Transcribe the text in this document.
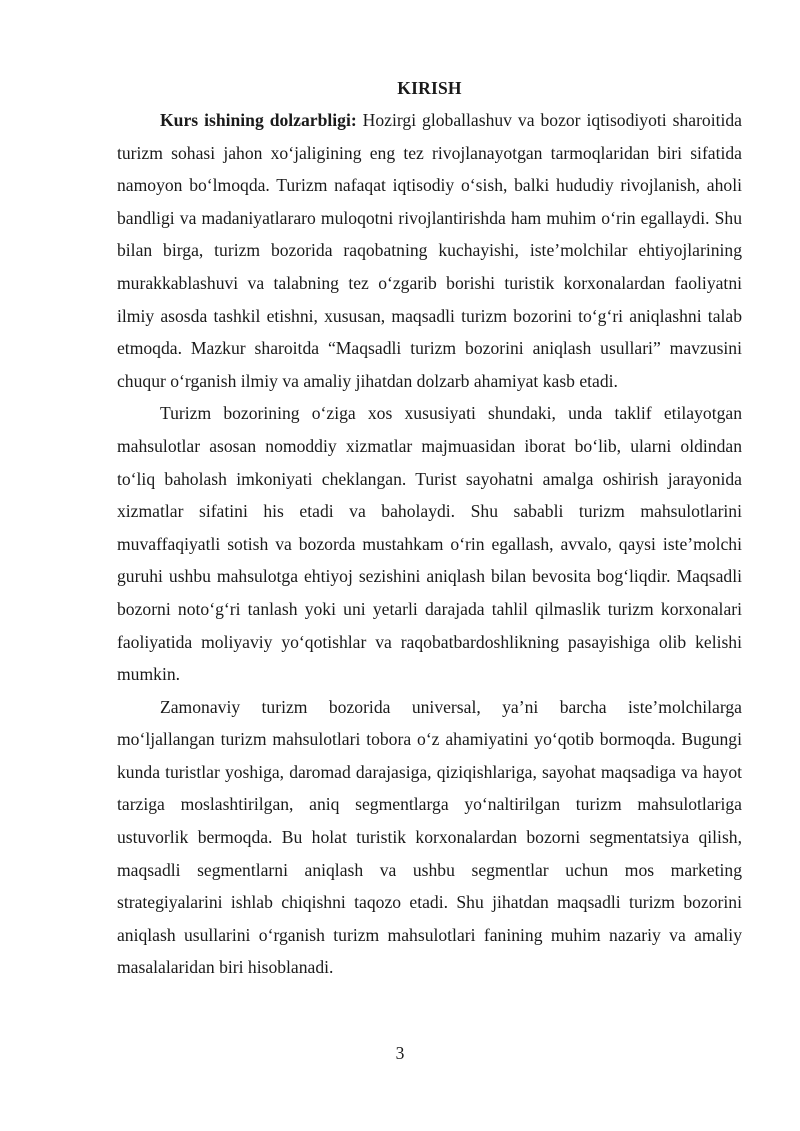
KIRISH

Kurs ishining dolzarbligi: Hozirgi globallashuv va bozor iqtisodiyoti sharoitida turizm sohasi jahon xoʻjaligining eng tez rivojlanayotgan tarmoqlaridan biri sifatida namoyon boʻlmoqda. Turizm nafaqat iqtisodiy oʻsish, balki hududiy rivojlanish, aholi bandligi va madaniyatlararo muloqotni rivojlantirishda ham muhim oʻrin egallaydi. Shu bilan birga, turizm bozorida raqobatning kuchayishi, isteʼmolchilar ehtiyojlarining murakkablashuvi va talabning tez oʻzgarib borishi turistik korxonalardan faoliyatni ilmiy asosda tashkil etishni, xususan, maqsadli turizm bozorini toʻgʻri aniqlashni talab etmoqda. Mazkur sharoitda “Maqsadli turizm bozorini aniqlash usullari” mavzusini chuqur oʻrganish ilmiy va amaliy jihatdan dolzarb ahamiyat kasb etadi.

Turizm bozorining oʻziga xos xususiyati shundaki, unda taklif etilayotgan mahsulotlar asosan nomoddiy xizmatlar majmuasidan iborat boʻlib, ularni oldindan toʻliq baholash imkoniyati cheklangan. Turist sayohatni amalga oshirish jarayonida xizmatlar sifatini his etadi va baholaydi. Shu sababli turizm mahsulotlarini muvaffaqiyatli sotish va bozorda mustahkam oʻrin egallash, avvalo, qaysi isteʼmolchi guruhi ushbu mahsulotga ehtiyoj sezishini aniqlash bilan bevosita bogʻliqdir. Maqsadli bozorni notoʻgʻri tanlash yoki uni yetarli darajada tahlil qilmaslik turizm korxonalari faoliyatida moliyaviy yoʻqotishlar va raqobatbardoshlikning pasayishiga olib kelishi mumkin.

Zamonaviy turizm bozorida universal, yaʼni barcha isteʼmolchilarga moʻljallangan turizm mahsulotlari tobora oʻz ahamiyatini yoʻqotib bormoqda. Bugungi kunda turistlar yoshiga, daromad darajasiga, qiziqishlariga, sayohat maqsadiga va hayot tarziga moslashtirilgan, aniq segmentlarga yoʻnaltirilgan turizm mahsulotlariga ustuvorlik bermoqda. Bu holat turistik korxonalardan bozorni segmentatsiya qilish, maqsadli segmentlarni aniqlash va ushbu segmentlar uchun mos marketing strategiyalarini ishlab chiqishni taqozo etadi. Shu jihatdan maqsadli turizm bozorini aniqlash usullarini oʻrganish turizm mahsulotlari fanining muhim nazariy va amaliy masalalaridan biri hisoblanadi.

3
